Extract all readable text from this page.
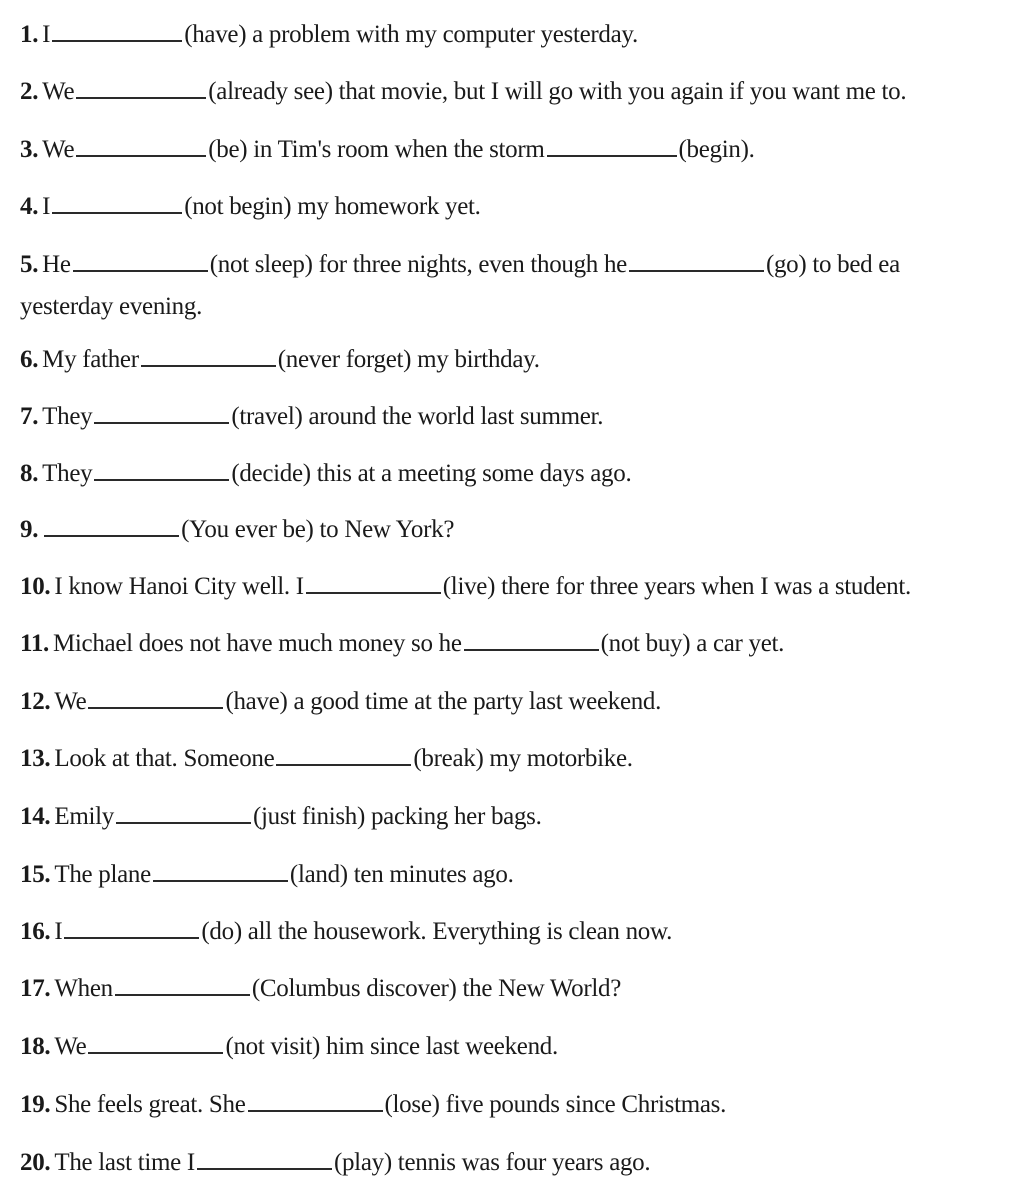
1. I	(have) a problem with my computer yesterday.
2. We	(already see) that movie, but I will go with you again if you want me to.
3. We	(be) in Tim's room when the storm	(begin).
4. I	(not begin) my homework yet.
5. He	(not sleep) for three nights, even though he	(go) to bed ea
yesterday evening.
6. My father	(never forget) my birthday.
7. They	(travel) around the world last summer.
8. They	(decide) this at a meeting some days ago.
9.	(You ever be) to New York?
10. I know Hanoi City well. I	(live) there for three years when I was a student.
11. Michael does not have much money so he	(not buy) a car yet.
12. We	(have) a good time at the party last weekend.
13. Look at that. Someone	(break) my motorbike.
14. Emily	(just finish) packing her bags.
15. The plane	(land) ten minutes ago.
16. I	(do) all the housework. Everything is clean now.
17. When	(Columbus discover) the New World?
18. We	(not visit) him since last weekend.
19. She feels great. She	(lose) five pounds since Christmas.
20. The last time I	(play) tennis was four years ago.
